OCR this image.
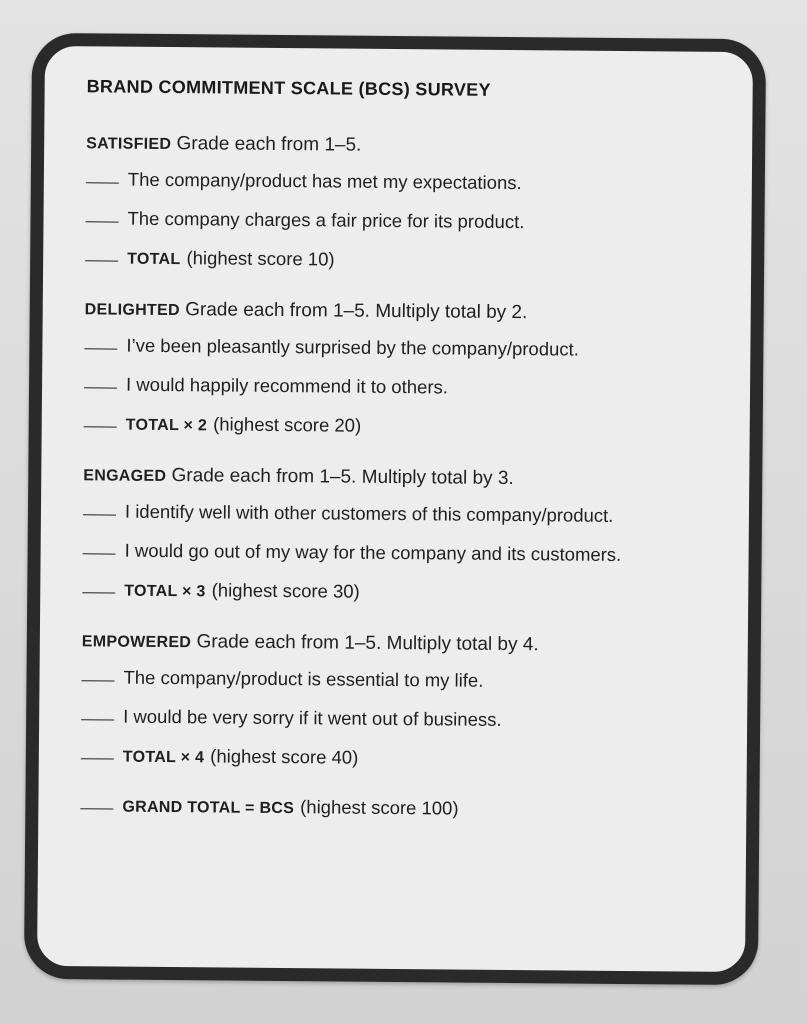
BRAND COMMITMENT SCALE (BCS) SURVEY
SATISFIED Grade each from 1–5.
The company/product has met my expectations.
The company charges a fair price for its product.
TOTAL (highest score 10)
DELIGHTED Grade each from 1–5. Multiply total by 2.
I’ve been pleasantly surprised by the company/product.
I would happily recommend it to others.
TOTAL × 2 (highest score 20)
ENGAGED Grade each from 1–5. Multiply total by 3.
I identify well with other customers of this company/product.
I would go out of my way for the company and its customers.
TOTAL × 3 (highest score 30)
EMPOWERED Grade each from 1–5. Multiply total by 4.
The company/product is essential to my life.
I would be very sorry if it went out of business.
TOTAL × 4 (highest score 40)
GRAND TOTAL = BCS (highest score 100)
